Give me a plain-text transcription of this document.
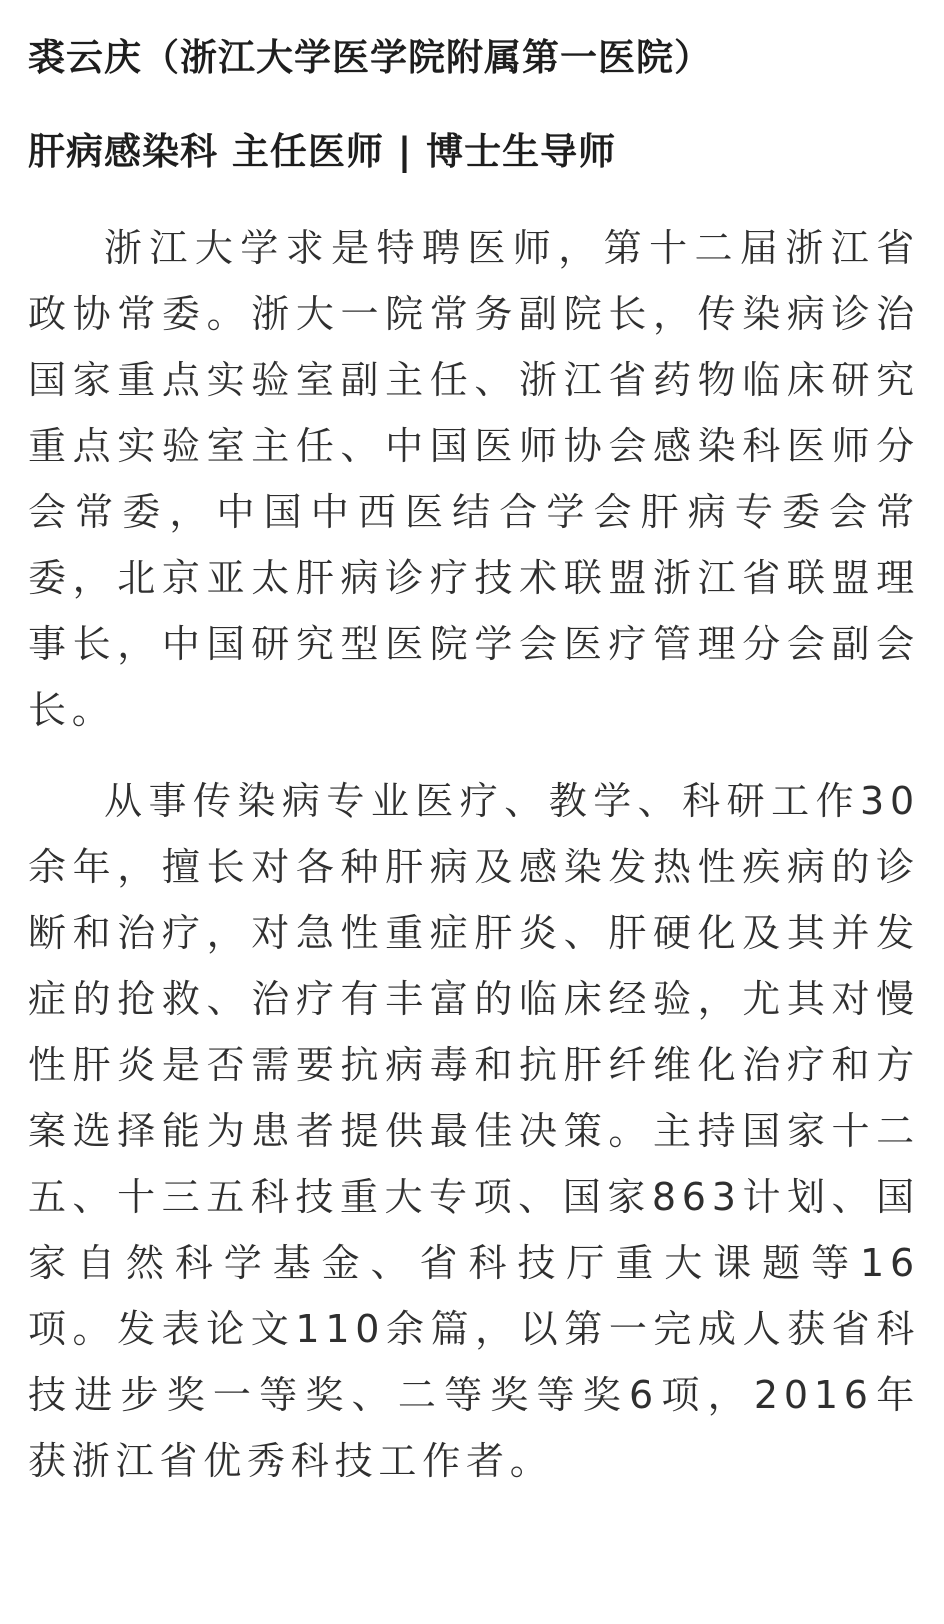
裘云庆（浙江大学医学院附属第一医院）
肝病感染科 主任医师 | 博士生导师

浙江大学求是特聘医师，第十二届浙江省政协常委。浙大一院常务副院长，传染病诊治国家重点实验室副主任、浙江省药物临床研究重点实验室主任、中国医师协会感染科医师分会常委，中国中西医结合学会肝病专委会常委，北京亚太肝病诊疗技术联盟浙江省联盟理事长，中国研究型医院学会医疗管理分会副会长。

从事传染病专业医疗、教学、科研工作30余年，擅长对各种肝病及感染发热性疾病的诊断和治疗，对急性重症肝炎、肝硬化及其并发症的抢救、治疗有丰富的临床经验，尤其对慢性肝炎是否需要抗病毒和抗肝纤维化治疗和方案选择能为患者提供最佳决策。主持国家十二五、十三五科技重大专项、国家863计划、国家自然科学基金、省科技厅重大课题等16项。发表论文110余篇，以第一完成人获省科技进步奖一等奖、二等奖等奖6项，2016年获浙江省优秀科技工作者。
